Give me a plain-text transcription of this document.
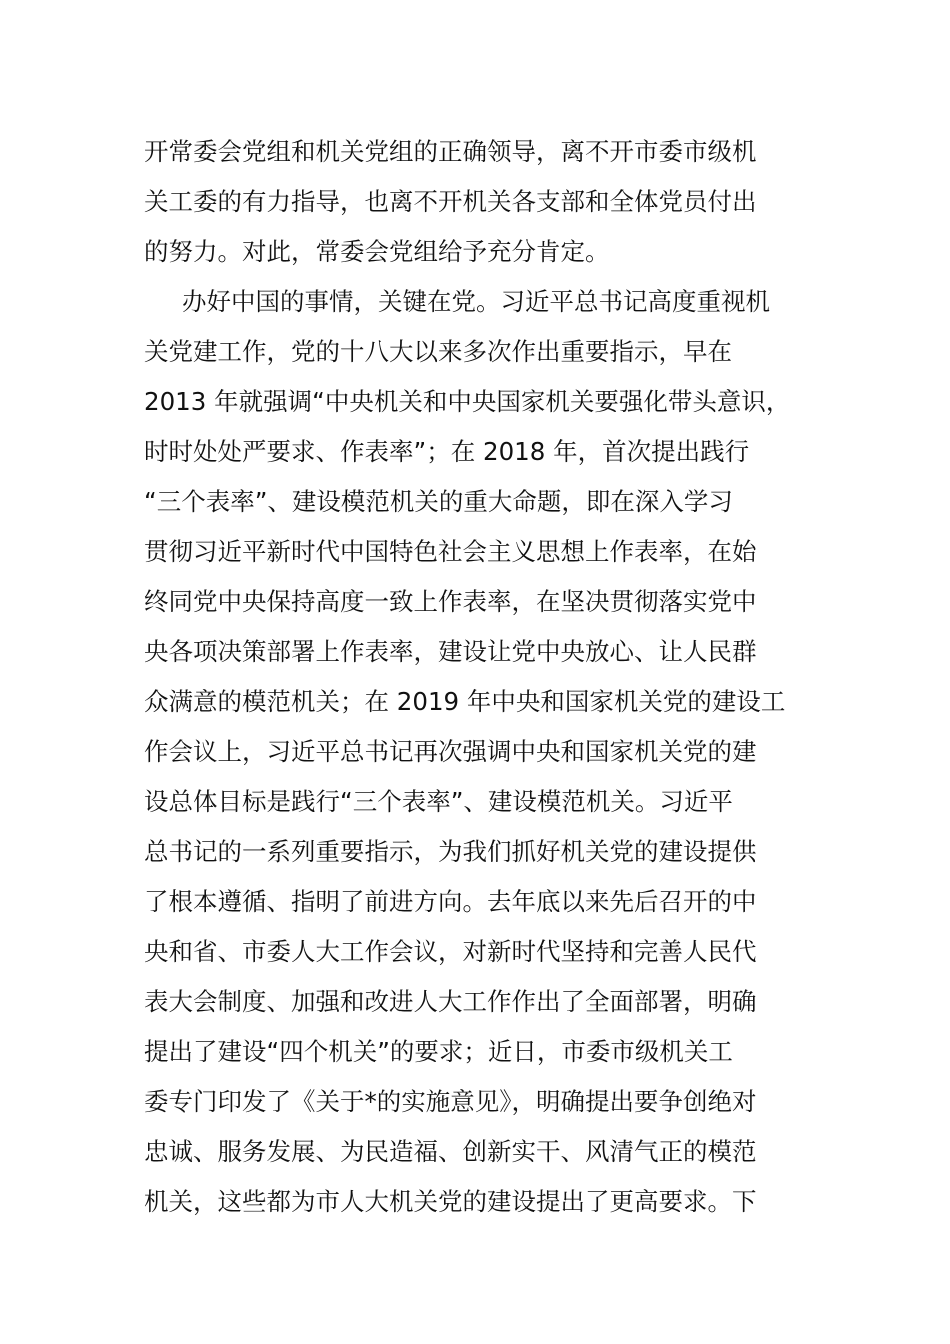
开常委会党组和机关党组的正确领导，离不开市委市级机
关工委的有力指导，也离不开机关各支部和全体党员付出
的努力。对此，常委会党组给予充分肯定。
办好中国的事情，关键在党。习近平总书记高度重视机
关党建工作，党的十八大以来多次作出重要指示，早在
2013 年就强调“中央机关和中央国家机关要强化带头意识，
时时处处严要求、作表率”；在 2018 年，首次提出践行
“三个表率”、建设模范机关的重大命题，即在深入学习
贯彻习近平新时代中国特色社会主义思想上作表率，在始
终同党中央保持高度一致上作表率，在坚决贯彻落实党中
央各项决策部署上作表率，建设让党中央放心、让人民群
众满意的模范机关；在 2019 年中央和国家机关党的建设工
作会议上，习近平总书记再次强调中央和国家机关党的建
设总体目标是践行“三个表率”、建设模范机关。习近平
总书记的一系列重要指示，为我们抓好机关党的建设提供
了根本遵循、指明了前进方向。去年底以来先后召开的中
央和省、市委人大工作会议，对新时代坚持和完善人民代
表大会制度、加强和改进人大工作作出了全面部署，明确
提出了建设“四个机关”的要求；近日，市委市级机关工
委专门印发了《关于*的实施意见》，明确提出要争创绝对
忠诚、服务发展、为民造福、创新实干、风清气正的模范
机关，这些都为市人大机关党的建设提出了更高要求。下
